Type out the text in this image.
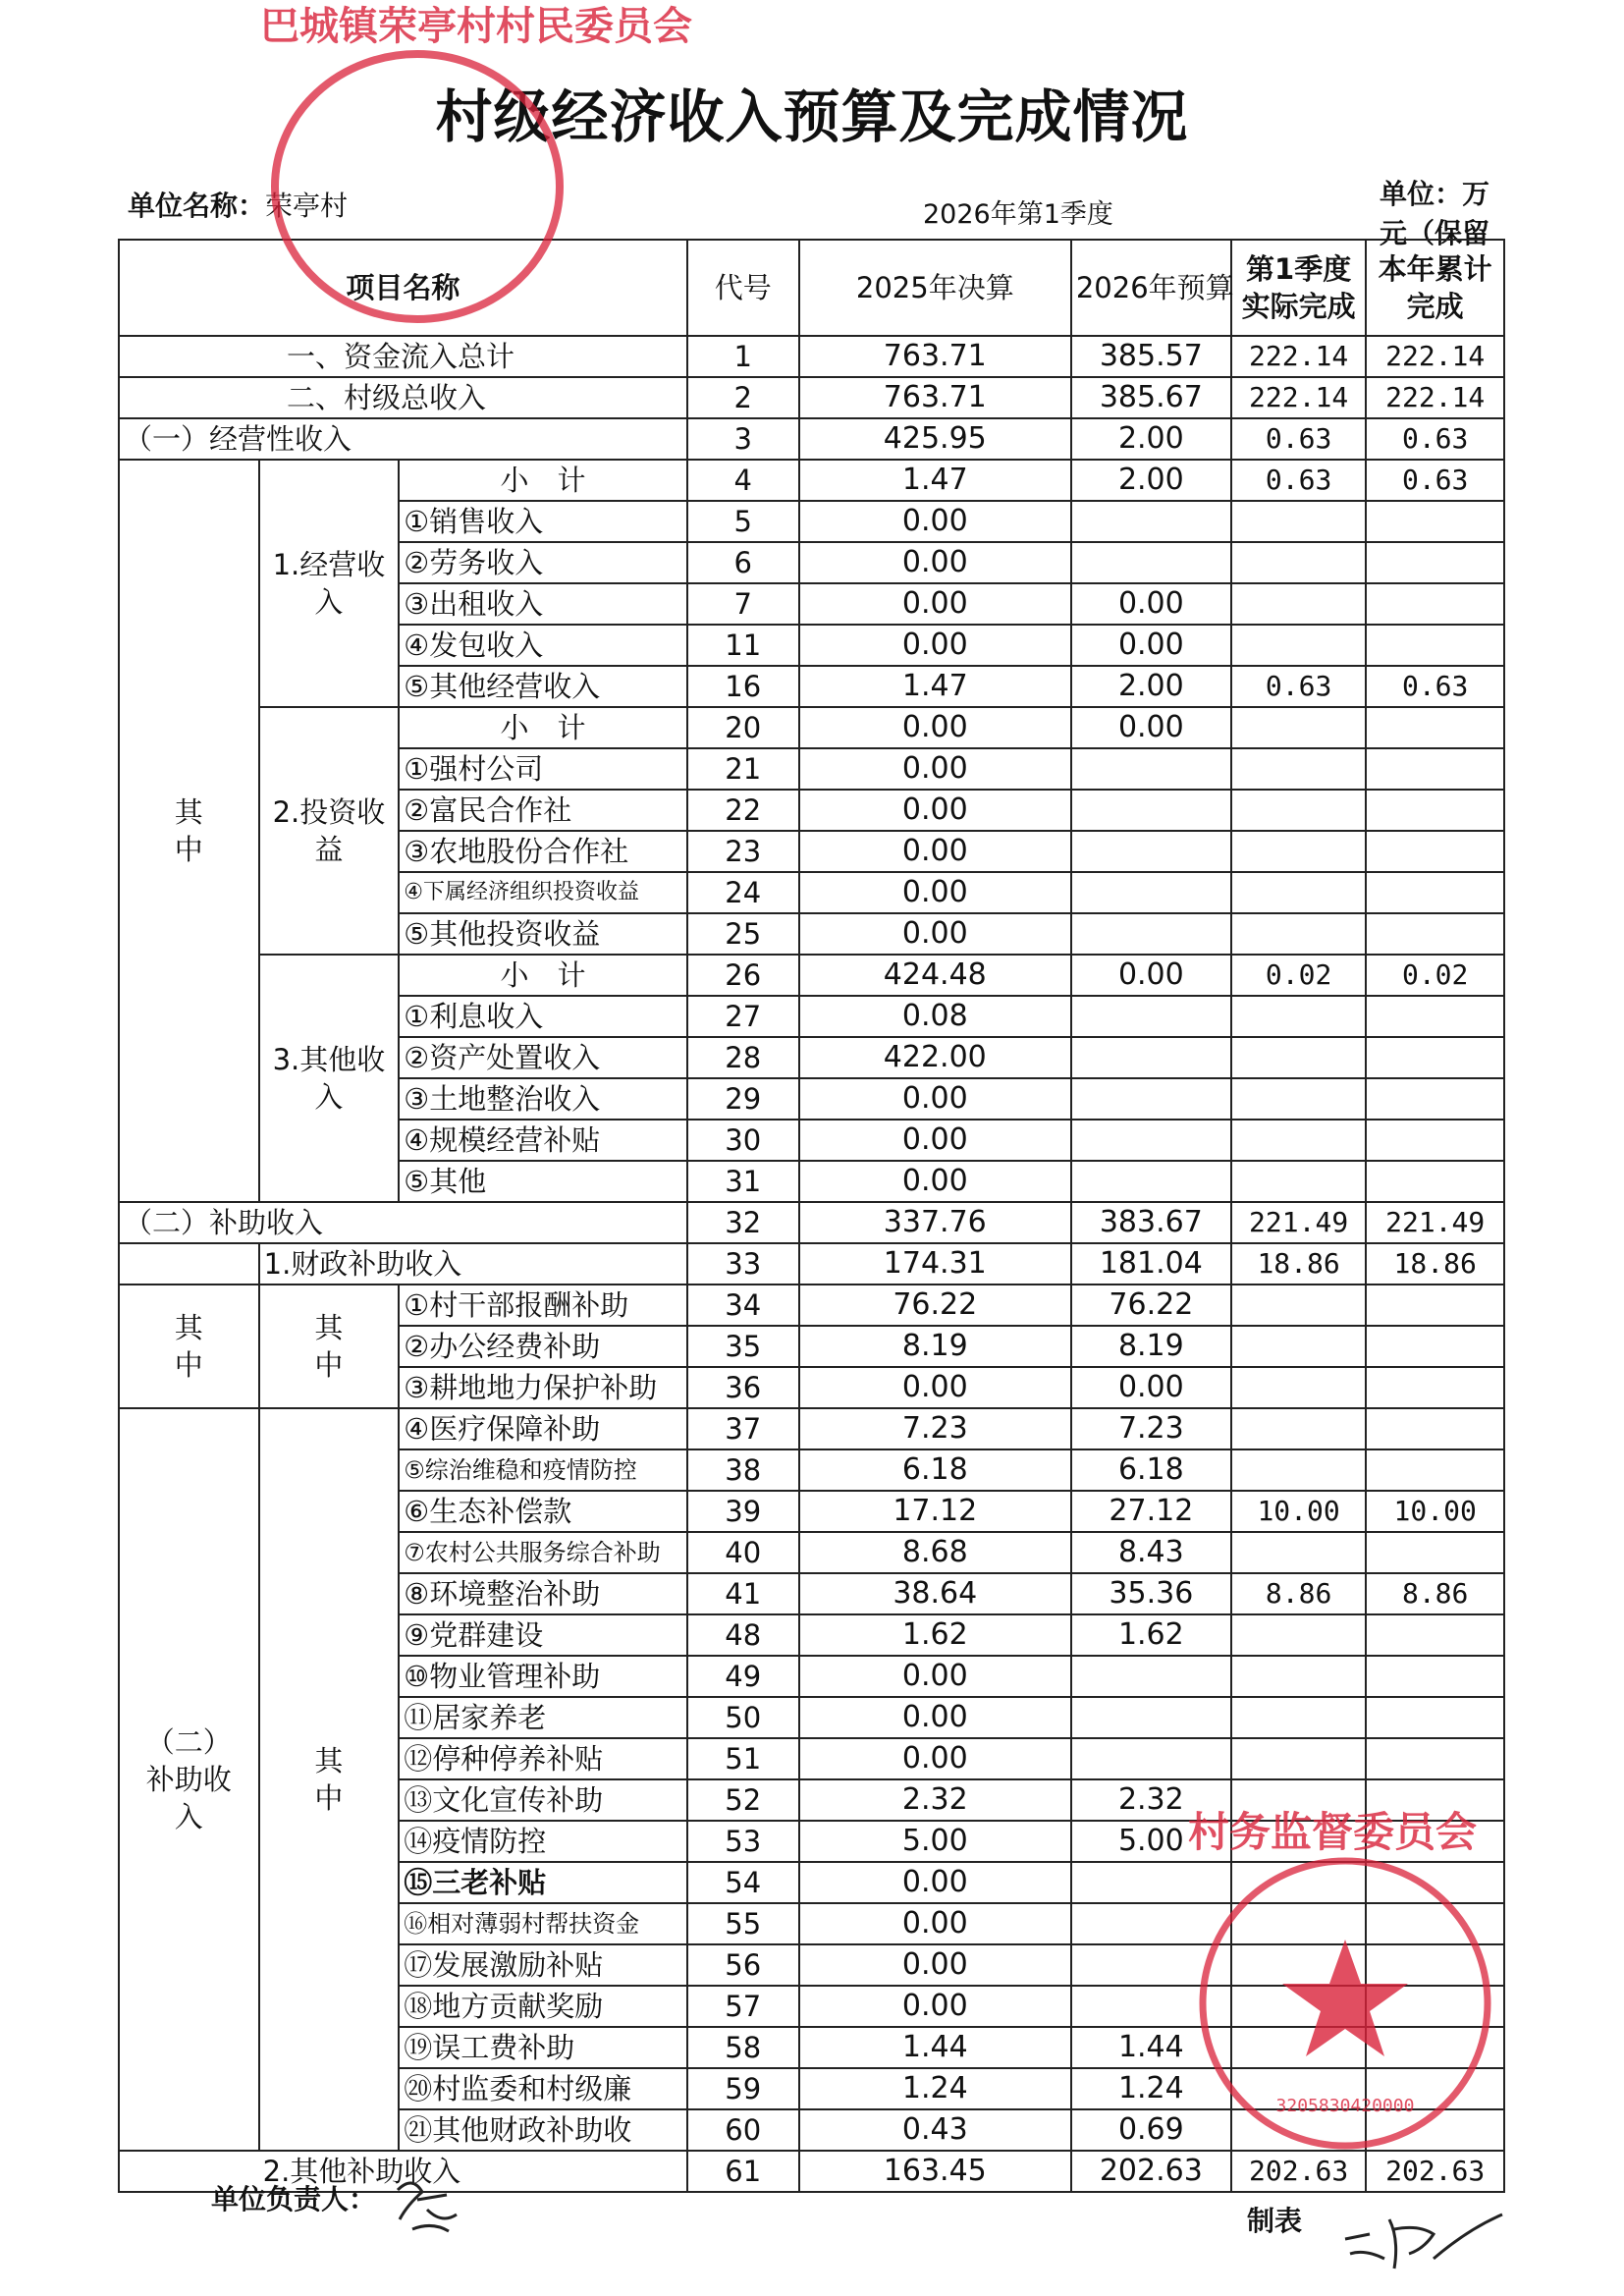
村级经济收入预算及完成情况
单位名称：荣亭村	2026年第1季度
单位：万元（保留
项目名称			代号	2025年决算	2026年预算	第1季度实际完成	本年累计完成
一、资金流入总计			1	763.71	385.57	222.14	222.14
二、村级总收入			2	763.71	385.67	222.14	222.14
（一）经营性收入			3	425.95	2.00	0.63	0.63
其中	1.经营收入	小　计	4	1.47	2.00	0.63	0.63
		①销售收入	5	0.00			
		②劳务收入	6	0.00			
		③出租收入	7	0.00	0.00		
		④发包收入	11	0.00	0.00		
		⑤其他经营收入	16	1.47	2.00	0.63	0.63
	2.投资收益	小　计	20	0.00	0.00		
		①强村公司	21	0.00			
		②富民合作社	22	0.00			
		③农地股份合作社	23	0.00			
		④下属经济组织投资收益	24	0.00			
		⑤其他投资收益	25	0.00			
	3.其他收入	小　计	26	424.48	0.00	0.02	0.02
		①利息收入	27	0.08			
		②资产处置收入	28	422.00			
		③土地整治收入	29	0.00			
		④规模经营补贴	30	0.00			
		⑤其他	31	0.00			
（二）补助收入			32	337.76	383.67	221.49	221.49
	1.财政补助收入		33	174.31	181.04	18.86	18.86
其中	其中	①村干部报酬补助	34	76.22	76.22		
		②办公经费补助	35	8.19	8.19		
		③耕地地力保护补助	36	0.00	0.00		
（二）补助收入	其中	④医疗保障补助	37	7.23	7.23		
		⑤综治维稳和疫情防控	38	6.18	6.18		
		⑥生态补偿款	39	17.12	27.12	10.00	10.00
		⑦农村公共服务综合补助	40	8.68	8.43		
		⑧环境整治补助	41	38.64	35.36	8.86	8.86
		⑨党群建设	48	1.62	1.62		
		⑩物业管理补助	49	0.00			
		⑪居家养老	50	0.00			
		⑫停种停养补贴	51	0.00			
		⑬文化宣传补助	52	2.32	2.32		
		⑭疫情防控	53	5.00	5.00		
		⑮三老补贴	54	0.00			
		⑯相对薄弱村帮扶资金	55	0.00			
		⑰发展激励补贴	56	0.00			
		⑱地方贡献奖励	57	0.00			
		⑲误工费补助	58	1.44	1.44		
		⑳村监委和村级廉	59	1.24	1.24		
		㉑其他财政补助收	60	0.43	0.69		
	2.其他补助收入		61	163.45	202.63	202.63	202.63
单位负责人：
制表
巴城镇荣亭村村民委员会
村务监督委员会
3205830420000
